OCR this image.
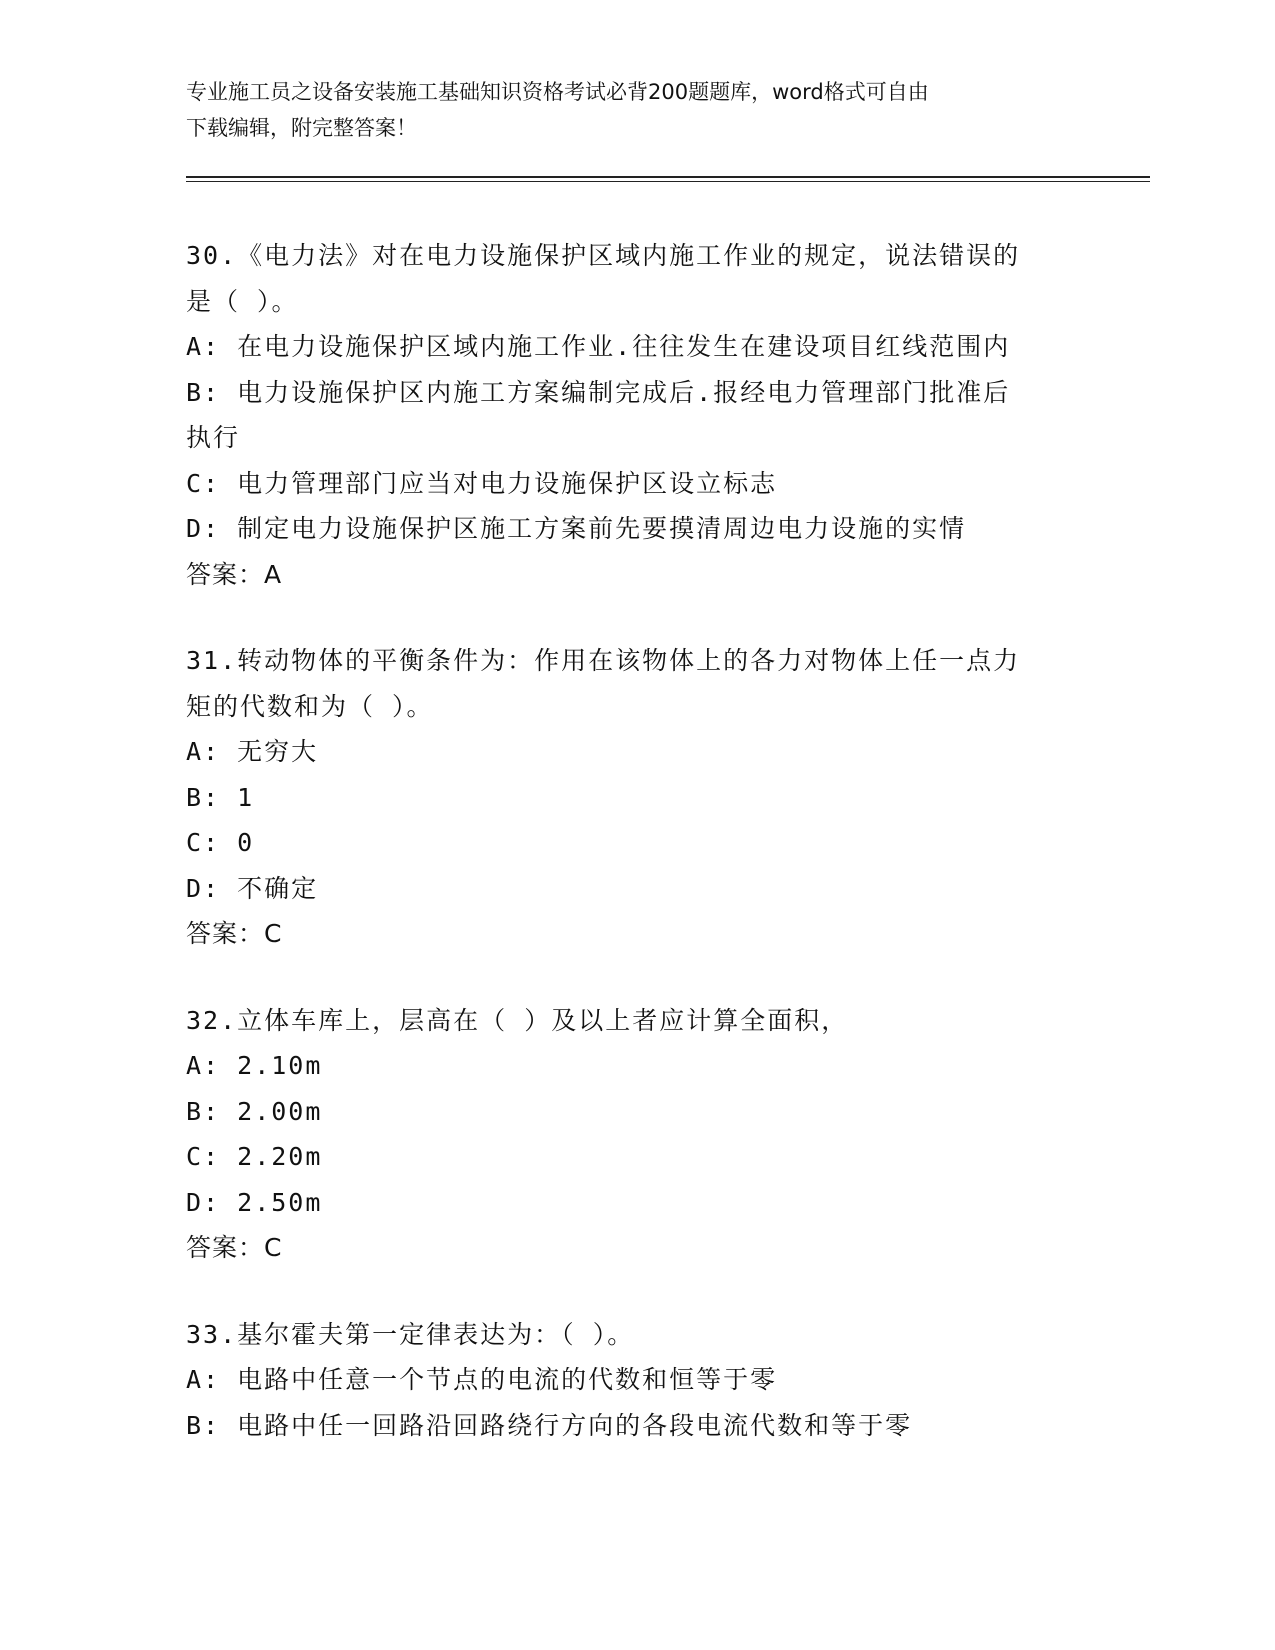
专业施工员之设备安装施工基础知识资格考试必背200题题库，word格式可自由
下载编辑，附完整答案！
30.《电力法》对在电力设施保护区域内施工作业的规定，说法错误的
是（ ）。
A: 在电力设施保护区域内施工作业.往往发生在建设项目红线范围内
B: 电力设施保护区内施工方案编制完成后.报经电力管理部门批准后
执行
C: 电力管理部门应当对电力设施保护区设立标志
D: 制定电力设施保护区施工方案前先要摸清周边电力设施的实情
答案：A
31.转动物体的平衡条件为：作用在该物体上的各力对物体上任一点力
矩的代数和为（ ）。
A: 无穷大
B: 1
C: 0
D: 不确定
答案：C
32.立体车库上，层高在（ ）及以上者应计算全面积，
A: 2.10m
B: 2.00m
C: 2.20m
D: 2.50m
答案：C
33.基尔霍夫第一定律表达为：（ ）。
A: 电路中任意一个节点的电流的代数和恒等于零
B: 电路中任一回路沿回路绕行方向的各段电流代数和等于零
